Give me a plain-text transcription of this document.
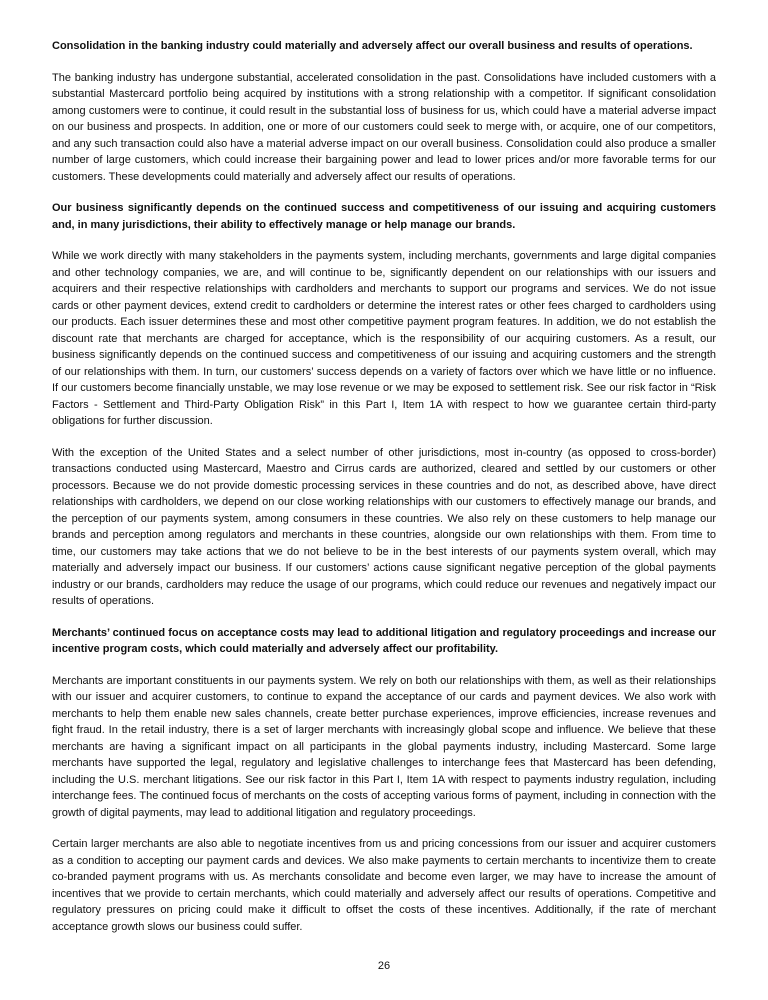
Consolidation in the banking industry could materially and adversely affect our overall business and results of operations.

The banking industry has undergone substantial, accelerated consolidation in the past. Consolidations have included customers with a substantial Mastercard portfolio being acquired by institutions with a strong relationship with a competitor. If significant consolidation among customers were to continue, it could result in the substantial loss of business for us, which could have a material adverse impact on our business and prospects. In addition, one or more of our customers could seek to merge with, or acquire, one of our competitors, and any such transaction could also have a material adverse impact on our overall business. Consolidation could also produce a smaller number of large customers, which could increase their bargaining power and lead to lower prices and/or more favorable terms for our customers. These developments could materially and adversely affect our results of operations.

Our business significantly depends on the continued success and competitiveness of our issuing and acquiring customers and, in many jurisdictions, their ability to effectively manage or help manage our brands.

While we work directly with many stakeholders in the payments system, including merchants, governments and large digital companies and other technology companies, we are, and will continue to be, significantly dependent on our relationships with our issuers and acquirers and their respective relationships with cardholders and merchants to support our programs and services. We do not issue cards or other payment devices, extend credit to cardholders or determine the interest rates or other fees charged to cardholders using our products. Each issuer determines these and most other competitive payment program features. In addition, we do not establish the discount rate that merchants are charged for acceptance, which is the responsibility of our acquiring customers. As a result, our business significantly depends on the continued success and competitiveness of our issuing and acquiring customers and the strength of our relationships with them. In turn, our customers’ success depends on a variety of factors over which we have little or no influence. If our customers become financially unstable, we may lose revenue or we may be exposed to settlement risk. See our risk factor in “Risk Factors - Settlement and Third-Party Obligation Risk” in this Part I, Item 1A with respect to how we guarantee certain third-party obligations for further discussion.

With the exception of the United States and a select number of other jurisdictions, most in-country (as opposed to cross-border) transactions conducted using Mastercard, Maestro and Cirrus cards are authorized, cleared and settled by our customers or other processors. Because we do not provide domestic processing services in these countries and do not, as described above, have direct relationships with cardholders, we depend on our close working relationships with our customers to effectively manage our brands, and the perception of our payments system, among consumers in these countries. We also rely on these customers to help manage our brands and perception among regulators and merchants in these countries, alongside our own relationships with them. From time to time, our customers may take actions that we do not believe to be in the best interests of our payments system overall, which may materially and adversely impact our business. If our customers’ actions cause significant negative perception of the global payments industry or our brands, cardholders may reduce the usage of our programs, which could reduce our revenues and negatively impact our results of operations.

Merchants’ continued focus on acceptance costs may lead to additional litigation and regulatory proceedings and increase our incentive program costs, which could materially and adversely affect our profitability.

Merchants are important constituents in our payments system. We rely on both our relationships with them, as well as their relationships with our issuer and acquirer customers, to continue to expand the acceptance of our cards and payment devices. We also work with merchants to help them enable new sales channels, create better purchase experiences, improve efficiencies, increase revenues and fight fraud. In the retail industry, there is a set of larger merchants with increasingly global scope and influence. We believe that these merchants are having a significant impact on all participants in the global payments industry, including Mastercard. Some large merchants have supported the legal, regulatory and legislative challenges to interchange fees that Mastercard has been defending, including the U.S. merchant litigations. See our risk factor in this Part I, Item 1A with respect to payments industry regulation, including interchange fees. The continued focus of merchants on the costs of accepting various forms of payment, including in connection with the growth of digital payments, may lead to additional litigation and regulatory proceedings.

Certain larger merchants are also able to negotiate incentives from us and pricing concessions from our issuer and acquirer customers as a condition to accepting our payment cards and devices. We also make payments to certain merchants to incentivize them to create co-branded payment programs with us. As merchants consolidate and become even larger, we may have to increase the amount of incentives that we provide to certain merchants, which could materially and adversely affect our results of operations. Competitive and regulatory pressures on pricing could make it difficult to offset the costs of these incentives. Additionally, if the rate of merchant acceptance growth slows our business could suffer.

26
